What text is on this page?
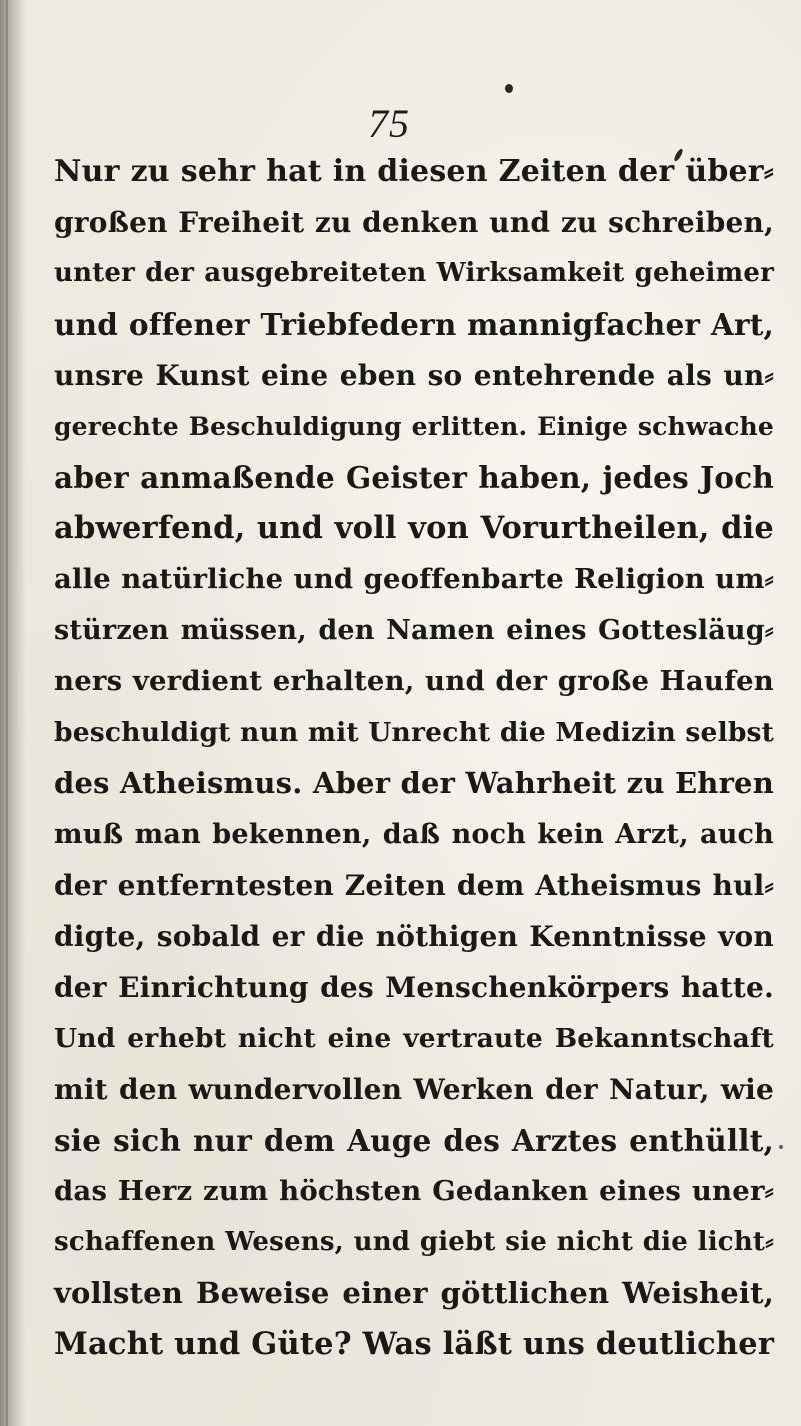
75
Nur zu sehr hat in diesen Zeiten der über⸗
großen Freiheit zu denken und zu schreiben,
unter der ausgebreiteten Wirksamkeit geheimer
und offener Triebfedern mannigfacher Art,
unsre Kunst eine eben so entehrende als un⸗
gerechte Beschuldigung erlitten. Einige schwache
aber anmaßende Geister haben, jedes Joch
abwerfend, und voll von Vorurtheilen, die
alle natürliche und geoffenbarte Religion um⸗
stürzen müssen, den Namen eines Gottesläug⸗
ners verdient erhalten, und der große Haufen
beschuldigt nun mit Unrecht die Medizin selbst
des Atheismus. Aber der Wahrheit zu Ehren
muß man bekennen, daß noch kein Arzt, auch
der entferntesten Zeiten dem Atheismus hul⸗
digte, sobald er die nöthigen Kenntnisse von
der Einrichtung des Menschenkörpers hatte.
Und erhebt nicht eine vertraute Bekanntschaft
mit den wundervollen Werken der Natur, wie
sie sich nur dem Auge des Arztes enthüllt,
das Herz zum höchsten Gedanken eines uner⸗
schaffenen Wesens, und giebt sie nicht die licht⸗
vollsten Beweise einer göttlichen Weisheit,
Macht und Güte? Was läßt uns deutlicher
